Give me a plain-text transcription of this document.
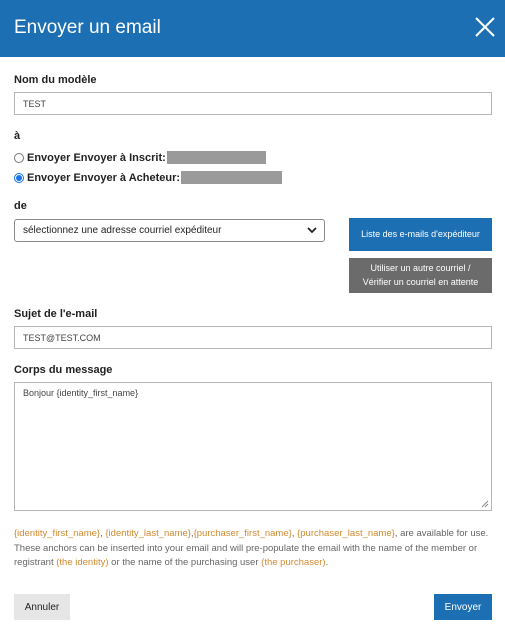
Envoyer un email
Nom du modèle
TEST
à
Envoyer Envoyer à Inscrit:
Envoyer Envoyer à Acheteur:
de
sélectionnez une adresse courriel expéditeur	Liste des e-mails d'expéditeur
Utiliser un autre courriel / Vérifier un courriel en attente
Sujet de l'e-mail
TEST@TEST.COM
Corps du message
Bonjour {identity_first_name}
{identity_first_name}, {identity_last_name},{purchaser_first_name}, {purchaser_last_name}, are available for use. These anchors can be inserted into your email and will pre-populate the email with the name of the member or registrant (the identity) or the name of the purchasing user (the purchaser).
Annuler	Envoyer
